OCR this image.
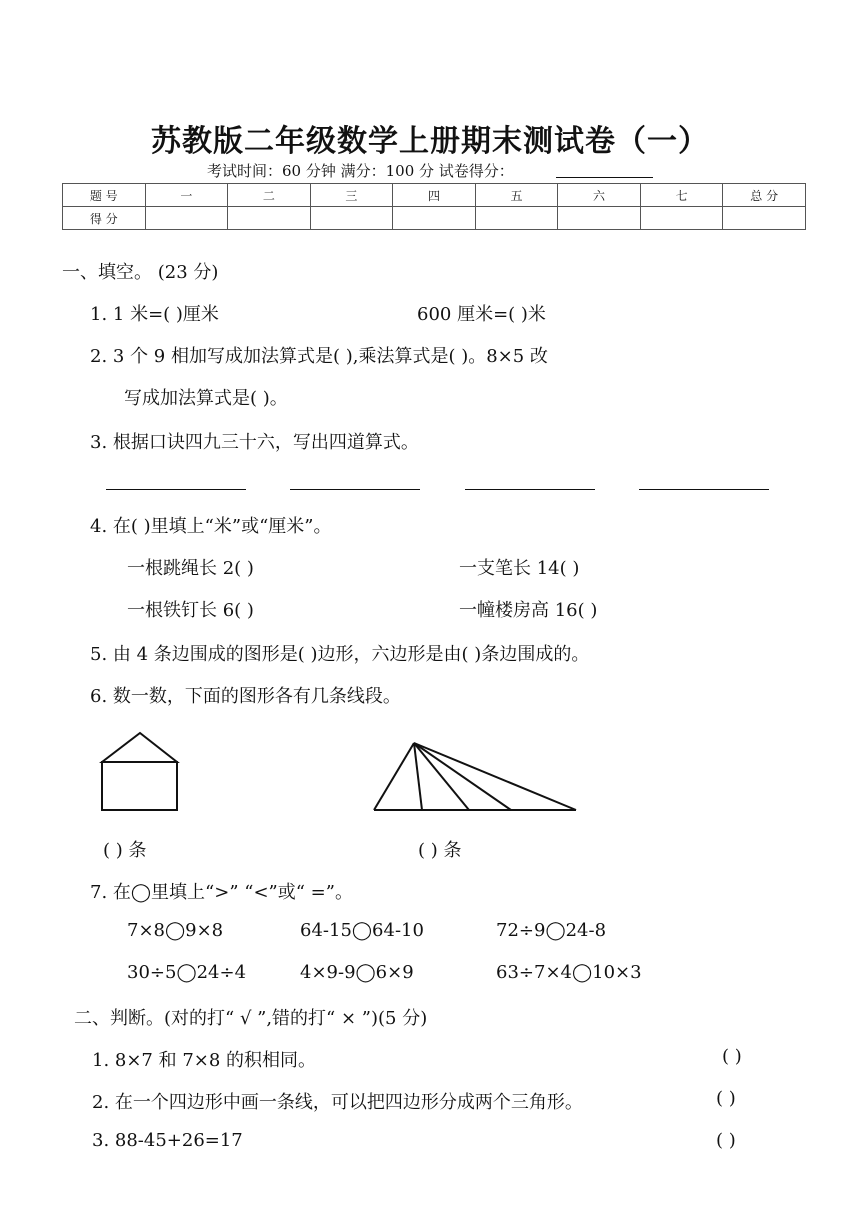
苏教版二年级数学上册期末测试卷（一）
考试时间：60 分钟 满分：100 分 试卷得分：
题 号	一	二	三	四	五	六	七	总 分
得 分								
一、填空。 (23 分)
1. 1 米=( )厘米	600 厘米=( )米
2. 3 个 9 相加写成加法算式是( ),乘法算式是( )。8×5 改
写成加法算式是( )。
3. 根据口诀四九三十六，写出四道算式。
4. 在( )里填上“米”或“厘米”。
一根跳绳长 2( )	一支笔长 14( )
一根铁钉长 6( )	一幢楼房高 16( )
5. 由 4 条边围成的图形是( )边形，六边形是由( )条边围成的。
6. 数一数，下面的图形各有几条线段。
( ) 条	( ) 条
7. 在◯里填上“>” “<”或“ =”。
7×8◯9×8	64-15◯64-10	72÷9◯24-8
30÷5◯24÷4	4×9-9◯6×9	63÷7×4◯10×3
二、判断。(对的打“ √ ”,错的打“ × ”)(5 分)
1. 8×7 和 7×8 的积相同。	( )
2. 在一个四边形中画一条线，可以把四边形分成两个三角形。	( )
3. 88-45+26=17	( )
